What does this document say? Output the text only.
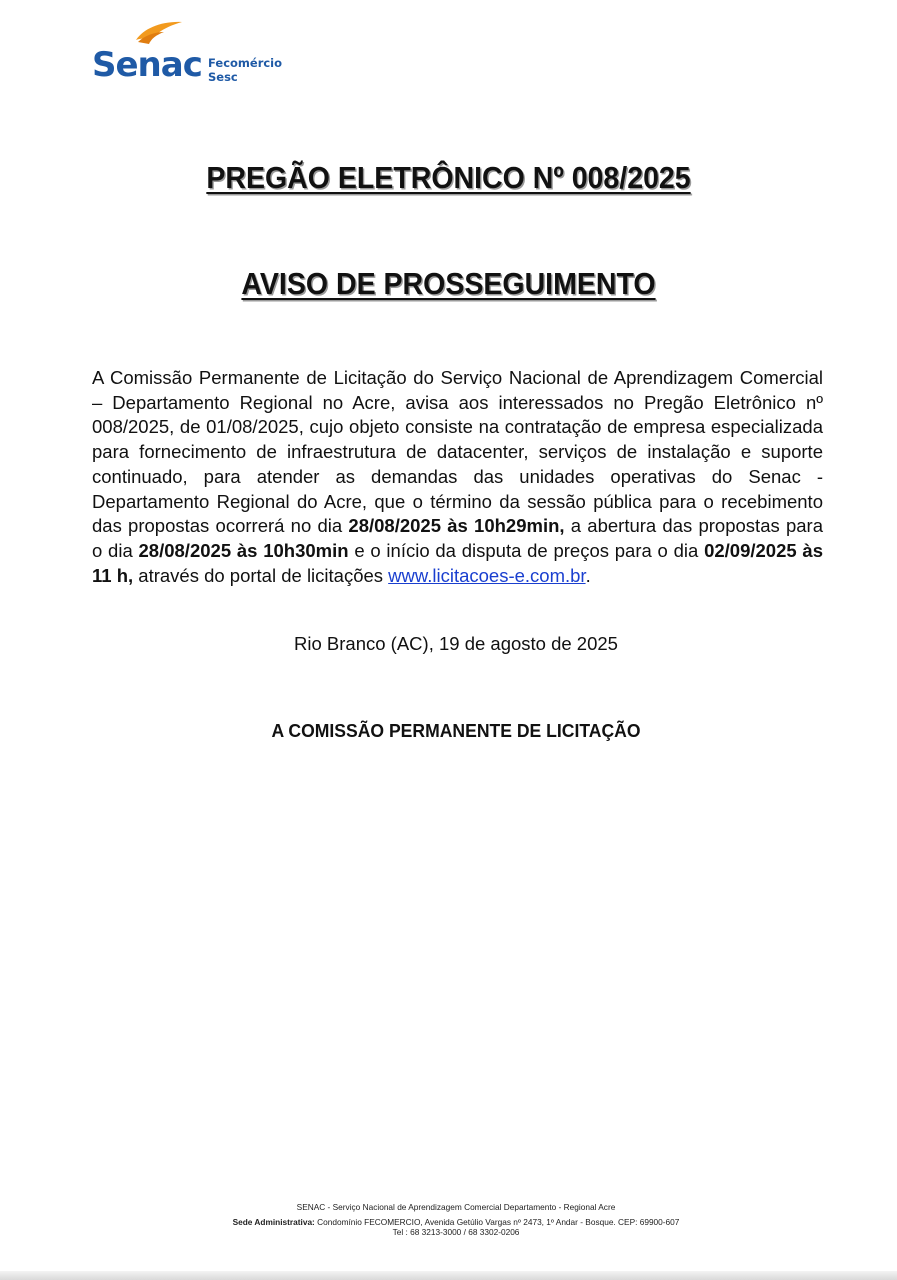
Senac Fecomércio
Sesc
PREGÃO ELETRÔNICO Nº 008/2025
AVISO DE PROSSEGUIMENTO
A Comissão Permanente de Licitação do Serviço Nacional de Aprendizagem Comercial – Departamento Regional no Acre, avisa aos interessados no Pregão Eletrônico nº 008/2025, de 01/08/2025, cujo objeto consiste na contratação de empresa especializada para fornecimento de infraestrutura de datacenter, serviços de instalação e suporte continuado, para atender as demandas das unidades operativas do Senac - Departamento Regional do Acre, que o término da sessão pública para o recebimento das propostas ocorrerá no dia 28/08/2025 às 10h29min, a abertura das propostas para o dia 28/08/2025 às 10h30min e o início da disputa de preços para o dia 02/09/2025 às 11 h, através do portal de licitações www.licitacoes-e.com.br.
Rio Branco (AC), 19 de agosto de 2025
A COMISSÃO PERMANENTE DE LICITAÇÃO
SENAC - Serviço Nacional de Aprendizagem Comercial Departamento - Regional Acre
Sede Administrativa: Condomínio FECOMERCIO, Avenida Getúlio Vargas nº 2473, 1º Andar - Bosque. CEP: 69900-607
Tel : 68 3213-3000 / 68 3302-0206
